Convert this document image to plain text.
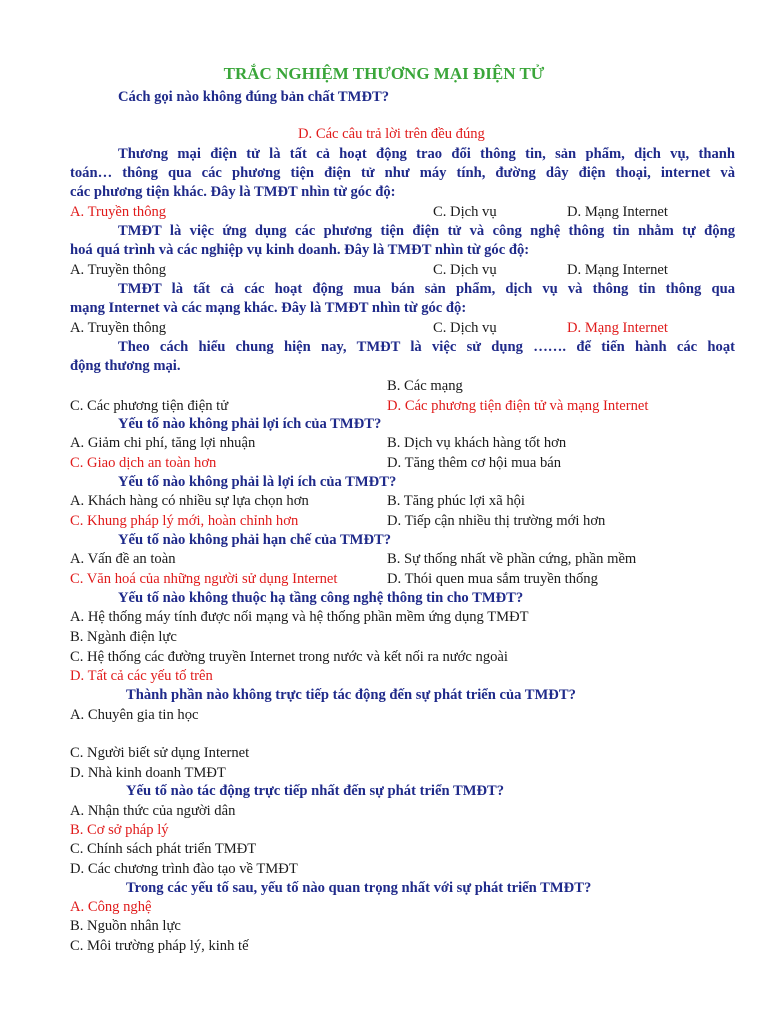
TRẮC NGHIỆM THƯƠNG MẠI ĐIỆN TỬ
Cách gọi nào không đúng bản chất TMĐT?
D. Các câu trả lời trên đều đúng
Thương mại điện tử là tất cả hoạt động trao đổi thông tin, sản phẩm, dịch vụ, thanh
toán… thông qua các phương tiện điện tử như máy tính, đường dây điện thoại, internet và
các phương tiện khác. Đây là TMĐT nhìn từ góc độ:
A. Truyền thông	C. Dịch vụ	D. Mạng Internet
TMĐT là việc ứng dụng các phương tiện điện tử và công nghệ thông tin nhằm tự động
hoá quá trình và các nghiệp vụ kinh doanh. Đây là TMĐT nhìn từ góc độ:
A. Truyền thông	C. Dịch vụ	D. Mạng Internet
TMĐT là tất cả các hoạt động mua bán sản phẩm, dịch vụ và thông tin thông qua
mạng Internet và các mạng khác. Đây là TMĐT nhìn từ góc độ:
A. Truyền thông	C. Dịch vụ	D. Mạng Internet
Theo cách hiểu chung hiện nay, TMĐT là việc sử dụng ……. để tiến hành các hoạt
động thương mại.
B. Các mạng
C. Các phương tiện điện tử	D. Các phương tiện điện tử và mạng Internet
Yếu tố nào không phải lợi ích của TMĐT?
A. Giảm chi phí, tăng lợi nhuận	B. Dịch vụ khách hàng tốt hơn
C. Giao dịch an toàn hơn	D. Tăng thêm cơ hội mua bán
Yếu tố nào không phải là lợi ích của TMĐT?
A. Khách hàng có nhiều sự lựa chọn hơn	B. Tăng phúc lợi xã hội
C. Khung pháp lý mới, hoàn chỉnh hơn	D. Tiếp cận nhiều thị trường mới hơn
Yếu tố nào không phải hạn chế của TMĐT?
A. Vấn đề an toàn	B. Sự thống nhất về phần cứng, phần mềm
C. Văn hoá của những người sử dụng Internet	D. Thói quen mua sắm truyền thống
Yếu tố nào không thuộc hạ tầng công nghệ thông tin cho TMĐT?
A. Hệ thống máy tính được nối mạng và hệ thống phần mềm ứng dụng TMĐT
B. Ngành điện lực
C. Hệ thống các đường truyền Internet trong nước và kết nối ra nước ngoài
D. Tất cả các yếu tố trên
Thành phần nào không trực tiếp tác động đến sự phát triển của TMĐT?
A. Chuyên gia tin học
C. Người biết sử dụng Internet
D. Nhà kinh doanh TMĐT
Yếu tố nào tác động trực tiếp nhất đến sự phát triển TMĐT?
A. Nhận thức của người dân
B. Cơ sở pháp lý
C. Chính sách phát triển TMĐT
D. Các chương trình đào tạo về TMĐT
Trong các yếu tố sau, yếu tố nào quan trọng nhất với sự phát triển TMĐT?
A. Công nghệ
B. Nguồn nhân lực
C. Môi trường pháp lý, kinh tế
